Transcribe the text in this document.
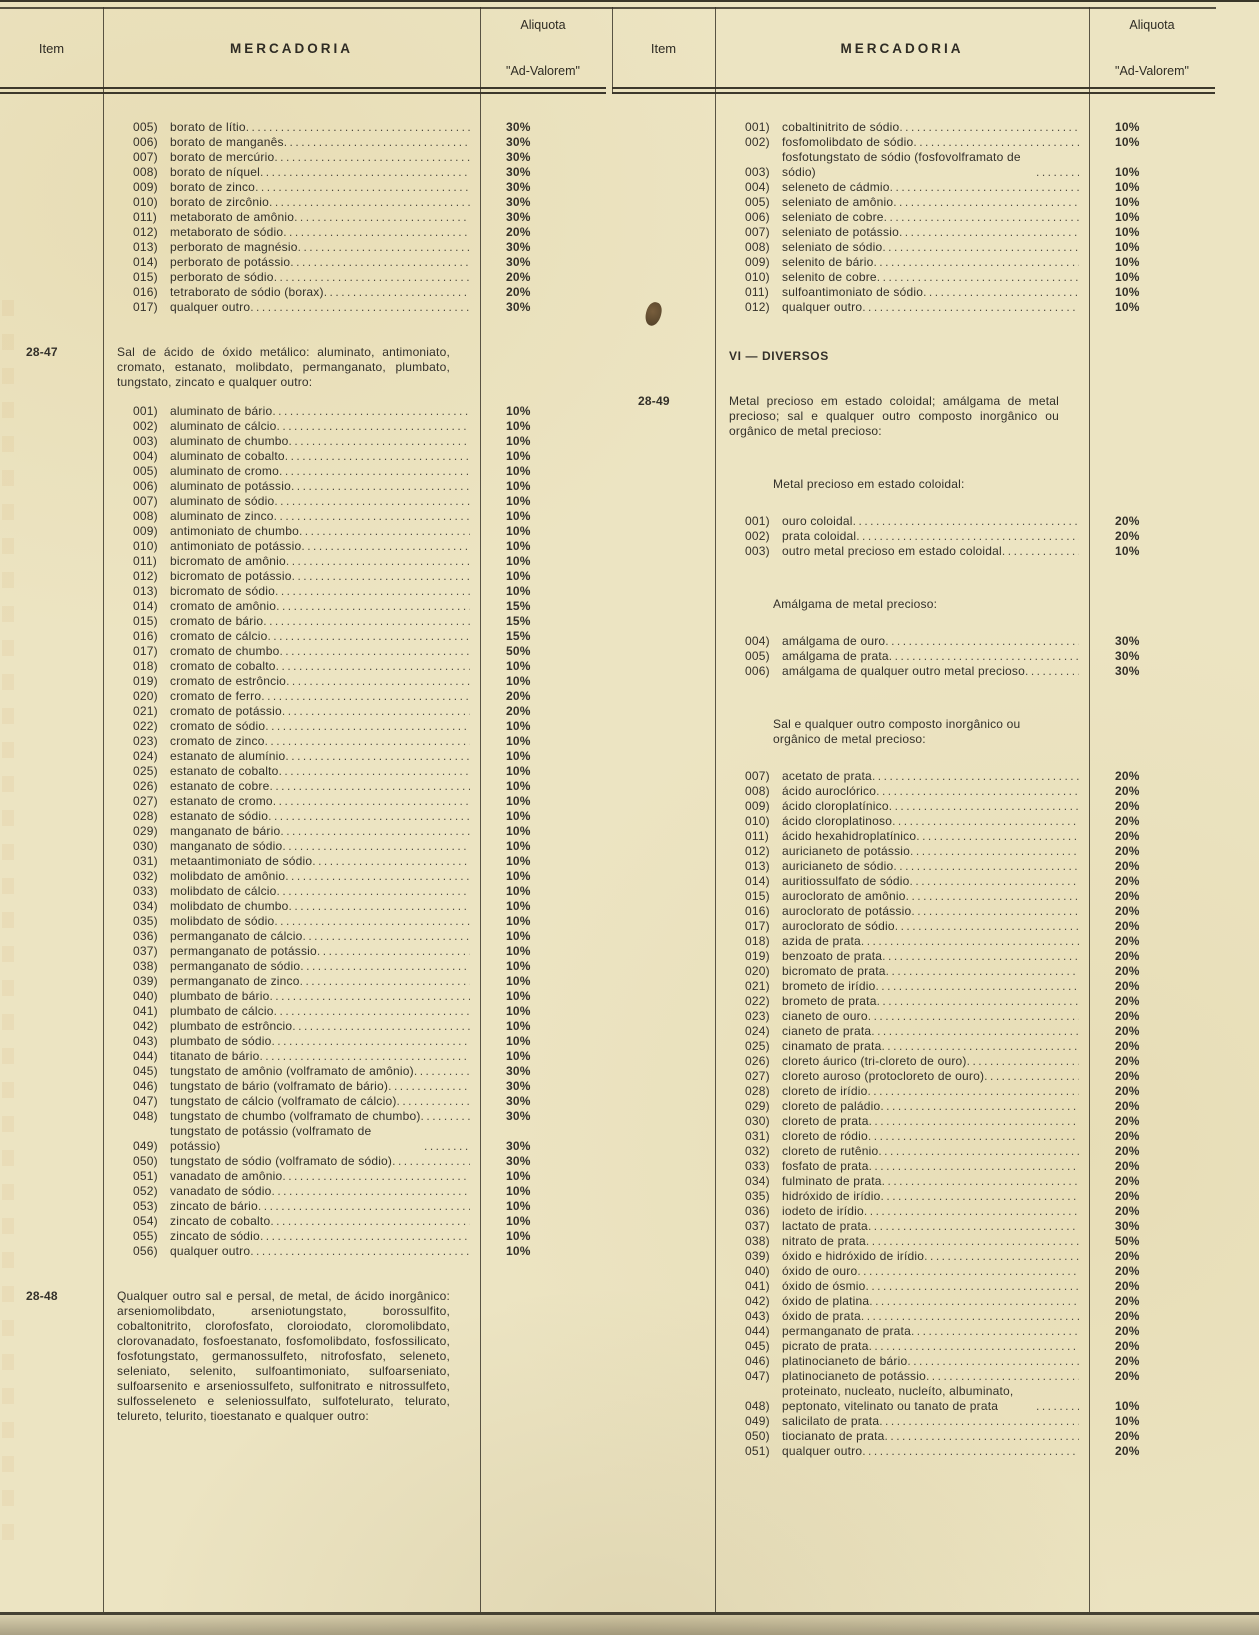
Item	MERCADORIA
Aliquota
"Ad-Valorem"
005)	borato de lítio .....	30%
006)	borato de manganês .....	30%
007)	borato de mercúrio .....	30%
008)	borato de níquel .....	30%
009)	borato de zinco .....	30%
010)	borato de zircônio .....	30%
011)	metaborato de amônio .....	30%
012)	metaborato de sódio .....	20%
013)	perborato de magnésio .....	30%
014)	perborato de potássio .....	30%
015)	perborato de sódio .....	20%
016)	tetraborato de sódio (borax) .....	20%
017)	qualquer outro .....	30%
28-47	Sal de ácido de óxido metálico: aluminato, antimoniato, cromato, estanato, molibdato, permanganato, plumbato, tungstato, zincato e qualquer outro:
001)	aluminato de bário .....	10%
002)	aluminato de cálcio .....	10%
003)	aluminato de chumbo .....	10%
004)	aluminato de cobalto .....	10%
005)	aluminato de cromo .....	10%
006)	aluminato de potássio .....	10%
007)	aluminato de sódio .....	10%
008)	aluminato de zinco .....	10%
009)	antimoniato de chumbo .....	10%
010)	antimoniato de potássio .....	10%
011)	bicromato de amônio .....	10%
012)	bicromato de potássio .....	10%
013)	bicromato de sódio .....	10%
014)	cromato de amônio .....	15%
015)	cromato de bário .....	15%
016)	cromato de cálcio .....	15%
017)	cromato de chumbo .....	50%
018)	cromato de cobalto .....	10%
019)	cromato de estrôncio .....	10%
020)	cromato de ferro .....	20%
021)	cromato de potássio .....	20%
022)	cromato de sódio .....	10%
023)	cromato de zinco .....	10%
024)	estanato de alumínio .....	10%
025)	estanato de cobalto .....	10%
026)	estanato de cobre .....	10%
027)	estanato de cromo .....	10%
028)	estanato de sódio .....	10%
029)	manganato de bário .....	10%
030)	manganato de sódio .....	10%
031)	metaantimoniato de sódio .....	10%
032)	molibdato de amônio .....	10%
033)	molibdato de cálcio .....	10%
034)	molibdato de chumbo .....	10%
035)	molibdato de sódio .....	10%
036)	permanganato de cálcio .....	10%
037)	permanganato de potássio .....	10%
038)	permanganato de sódio .....	10%
039)	permanganato de zinco .....	10%
040)	plumbato de bário .....	10%
041)	plumbato de cálcio .....	10%
042)	plumbato de estrôncio .....	10%
043)	plumbato de sódio .....	10%
044)	titanato de bário .....	10%
045)	tungstato de amônio (volframato de amônio) .....	30%
046)	tungstato de bário (volframato de bário) .....	30%
047)	tungstato de cálcio (volframato de cálcio) .....	30%
048)	tungstato de chumbo (volframato de chumbo) .....	30%
049)
tungstato de potássio (volframato de potássio) .....	30%
050)	tungstato de sódio (volframato de sódio) .....	30%
051)	vanadato de amônio .....	10%
052)	vanadato de sódio .....	10%
053)	zincato de bário .....	10%
054)	zincato de cobalto .....	10%
055)	zincato de sódio .....	10%
056)	qualquer outro .....	10%
28-48	Qualquer outro sal e persal, de metal, de ácido inorgânico: arseniomolibdato, arseniotungstato, borossulfito, cobaltonitrito, clorofosfato, cloroiodato, cloromolibdato, clorovanadato, fosfoestanato, fosfomolibdato, fosfossilicato, fosfotungstato, germanossulfeto, nitrofosfato, seleneto, seleniato, selenito, sulfoantimoniato, sulfoarseniato, sulfoarsenito e arseniossulfeto, sulfonitrato e nitrossulfeto, sulfosseleneto e seleniossulfato, sulfotelurato, telurato, telureto, telurito, tioestanato e qualquer outro:
Item	MERCADORIA
Aliquota
"Ad-Valorem"
001)	cobaltinitrito de sódio .....	10%
002)	fosfomolibdato de sódio .....	10%
003)
fosfotungstato de sódio (fosfovolframato de sódio) .....	10%
004)	seleneto de cádmio .....	10%
005)	seleniato de amônio .....	10%
006)	seleniato de cobre .....	10%
007)	seleniato de potássio .....	10%
008)	seleniato de sódio .....	10%
009)	selenito de bário .....	10%
010)	selenito de cobre .....	10%
011)	sulfoantimoniato de sódio .....	10%
012)	qualquer outro .....	10%
VI — DIVERSOS
28-49	Metal precioso em estado coloidal; amálgama de metal precioso; sal e qualquer outro composto inorgânico ou orgânico de metal precioso:
Metal precioso em estado coloidal:
001)	ouro coloidal .....	20%
002)	prata coloidal .....	20%
003)	outro metal precioso em estado coloidal .....	10%
Amálgama de metal precioso:
004)	amálgama de ouro .....	30%
005)	amálgama de prata .....	30%
006)	amálgama de qualquer outro metal precioso .....	30%
Sal e qualquer outro composto inorgânico ou orgânico de metal precioso:
007)	acetato de prata .....	20%
008)	ácido auroclórico .....	20%
009)	ácido cloroplatínico .....	20%
010)	ácido cloroplatinoso .....	20%
011)	ácido hexahidroplatínico .....	20%
012)	auricianeto de potássio .....	20%
013)	auricianeto de sódio .....	20%
014)	auritiossulfato de sódio .....	20%
015)	auroclorato de amônio .....	20%
016)	auroclorato de potássio .....	20%
017)	auroclorato de sódio .....	20%
018)	azida de prata .....	20%
019)	benzoato de prata .....	20%
020)	bicromato de prata .....	20%
021)	brometo de irídio .....	20%
022)	brometo de prata .....	20%
023)	cianeto de ouro .....	20%
024)	cianeto de prata .....	20%
025)	cinamato de prata .....	20%
026)	cloreto áurico (tri-cloreto de ouro) .....	20%
027)	cloreto auroso (protocloreto de ouro) .....	20%
028)	cloreto de irídio .....	20%
029)	cloreto de paládio .....	20%
030)	cloreto de prata .....	20%
031)	cloreto de ródio .....	20%
032)	cloreto de rutênio .....	20%
033)	fosfato de prata .....	20%
034)	fulminato de prata .....	20%
035)	hidróxido de irídio .....	20%
036)	iodeto de irídio .....	20%
037)	lactato de prata .....	30%
038)	nitrato de prata .....	50%
039)	óxido e hidróxido de irídio .....	20%
040)	óxido de ouro .....	20%
041)	óxido de ósmio .....	20%
042)	óxido de platina .....	20%
043)	óxido de prata .....	20%
044)	permanganato de prata .....	20%
045)	picrato de prata .....	20%
046)	platinocianeto de bário .....	20%
047)	platinocianeto de potássio .....	20%
048)
proteinato, nucleato, nucleíto, albuminato, peptonato, vitelinato ou tanato de prata .....	10%
049)	salicilato de prata .....	10%
050)	tiocianato de prata .....	20%
051)	qualquer outro .....	20%
